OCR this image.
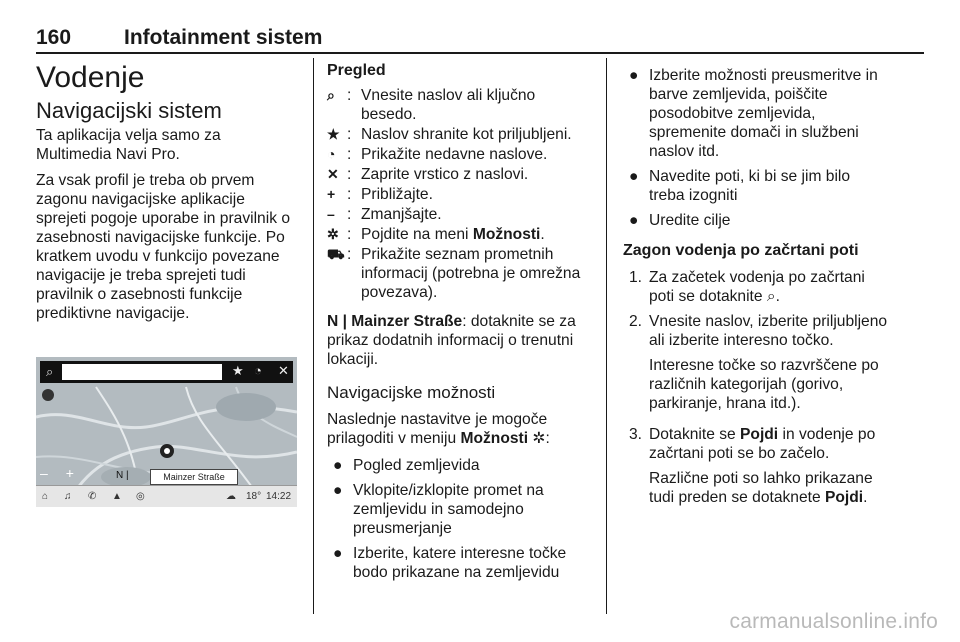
160	Infotainment sistem
Vodenje
Navigacijski sistem

Ta aplikacija velja samo za Multimedia Navi Pro.

Za vsak profil je treba ob prvem zagonu navigacijske aplikacije sprejeti pogoje uporabe in pravilnik o zasebnosti navigacijske funkcije. Po kratkem uvodu v funkcijo povezane navigacije je treba sprejeti tudi pravilnik o zasebnosti funkcije prediktivne navigacije.

⌕	★ ◔ ✕
– +	N |	Mainzer Straße
⌂ ♫ ✆ ▲ ◎	☁ 18° 14:22
Pregled
⌕ : Vnesite naslov ali ključno besedo.
★ : Naslov shranite kot priljubljeni.
◔ : Prikažite nedavne naslove.
✕ : Zaprite vrstico z naslovi.
+ : Približajte.
– : Zmanjšajte.
✲ : Pojdite na meni Možnosti.
⛟ : Prikažite seznam prometnih informacij (potrebna je omrežna povezava).

N | Mainzer Straße: dotaknite se za prikaz dodatnih informacij o trenutni lokaciji.

Navigacijske možnosti

Naslednje nastavitve je mogoče prilagoditi v meniju Možnosti ✲:

● Pogled zemljevida
● Vklopite/izklopite promet na zemljevidu in samodejno preusmerjanje
● Izberite, katere interesne točke bodo prikazane na zemljevidu
● Izberite možnosti preusmeritve in barve zemljevida, poiščite posodobitve zemljevida, spremenite domači in službeni naslov itd.
● Navedite poti, ki bi se jim bilo treba izogniti
● Uredite cilje
Zagon vodenja po začrtani poti
1. Za začetek vodenja po začrtani poti se dotaknite ⌕.
2. Vnesite naslov, izberite priljubljeno ali izberite interesno točko.

Interesne točke so razvrščene po različnih kategorijah (gorivo, parkiranje, hrana itd.).

3. Dotaknite se Pojdi in vodenje po začrtani poti se bo začelo.

Različne poti so lahko prikazane tudi preden se dotaknete Pojdi.

carmanualsonline.info
